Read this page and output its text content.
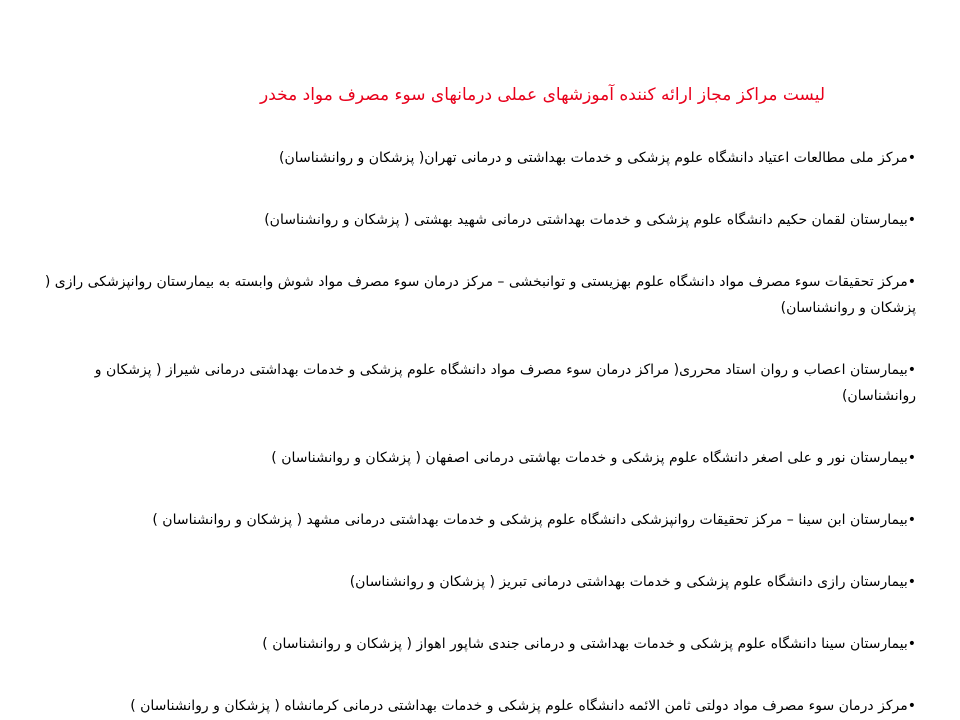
لیست مراکز مجاز ارائه کننده آموزشهای عملی درمانهای سوء مصرف مواد مخدر
•مرکز ملی مطالعات اعتیاد دانشگاه علوم پزشکی و خدمات بهداشتی و درمانی تهران( پزشکان و روانشناسان)
•بیمارستان لقمان حکیم دانشگاه علوم پزشکی و خدمات بهداشتی درمانی شهید بهشتی ( پزشکان و روانشناسان)
•مرکز تحقیقات سوء مصرف مواد دانشگاه علوم بهزیستی و توانبخشی – مرکز درمان سوء مصرف مواد شوش وابسته به بیمارستان روانپزشکی رازی ( پزشکان و روانشناسان)
•بیمارستان اعصاب و روان استاد محرری( مراکز درمان سوء مصرف مواد دانشگاه علوم پزشکی و خدمات بهداشتی درمانی شیراز ( پزشکان و روانشناسان)
•بیمارستان نور و علی اصغر دانشگاه علوم پزشکی و خدمات بهاشتی درمانی اصفهان ( پزشکان و روانشناسان )
•بیمارستان ابن سینا – مرکز تحقیقات روانپزشکی دانشگاه علوم پزشکی و خدمات بهداشتی درمانی مشهد ( پزشکان و روانشناسان )
•بیمارستان رازی دانشگاه علوم پزشکی و خدمات بهداشتی درمانی تبریز ( پزشکان و روانشناسان)
•بیمارستان سینا دانشگاه علوم پزشکی و خدمات بهداشتی و درمانی جندی شاپور اهواز ( پزشکان و روانشناسان )
•مرکز درمان سوء مصرف مواد دولتی ثامن الائمه دانشگاه علوم پزشکی و خدمات بهداشتی درمانی کرمانشاه ( پزشکان و روانشناسان )
